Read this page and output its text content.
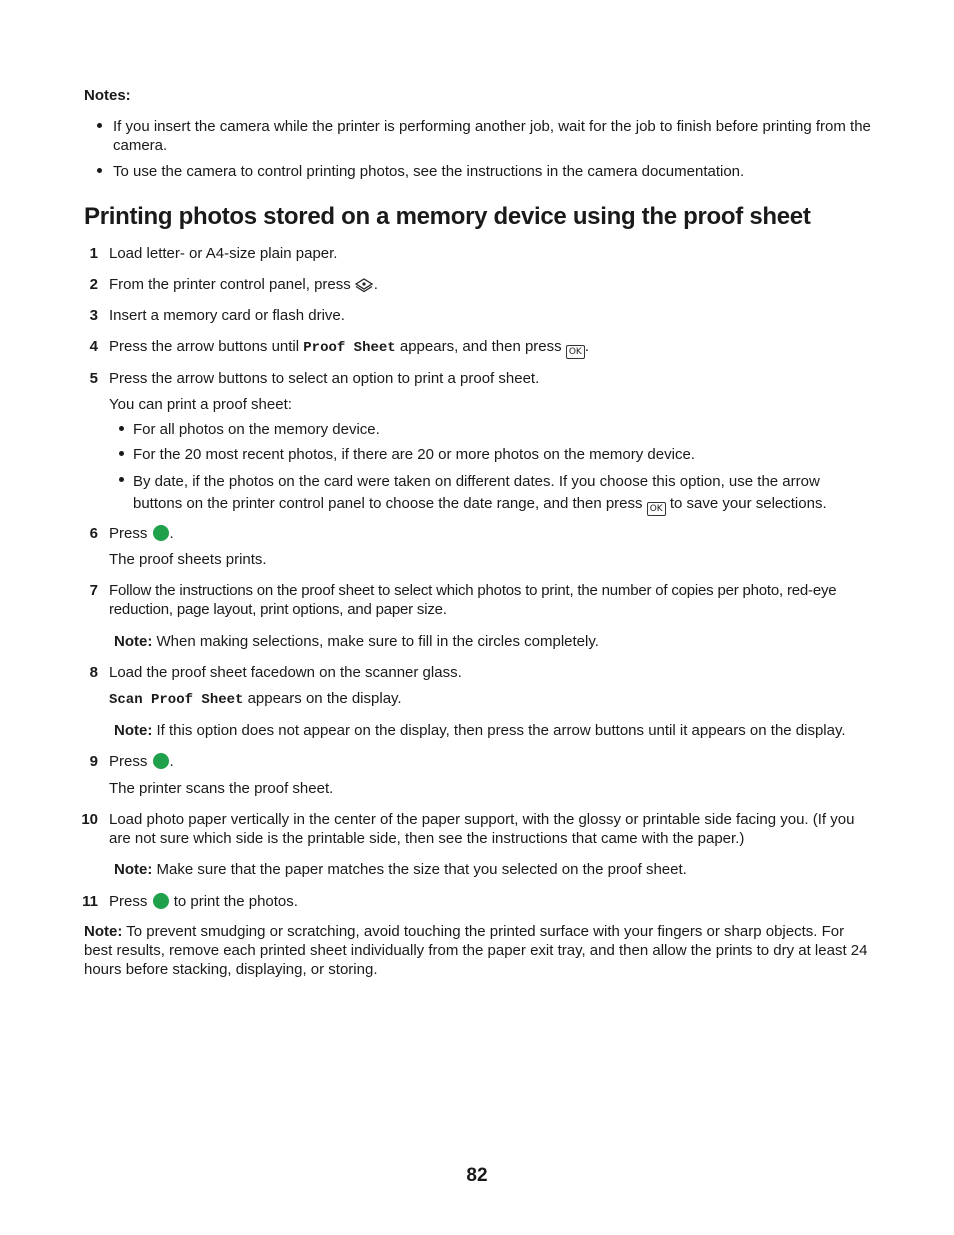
Notes:
If you insert the camera while the printer is performing another job, wait for the job to finish before printing from the camera.
To use the camera to control printing photos, see the instructions in the camera documentation.
Printing photos stored on a memory device using the proof sheet
1 Load letter- or A4-size plain paper.
2 From the printer control panel, press .
3 Insert a memory card or flash drive.
4 Press the arrow buttons until Proof Sheet appears, and then press OK .
5 Press the arrow buttons to select an option to print a proof sheet.
You can print a proof sheet:
For all photos on the memory device.
For the 20 most recent photos, if there are 20 or more photos on the memory device.
By date, if the photos on the card were taken on different dates. If you choose this option, use the arrow buttons on the printer control panel to choose the date range, and then press OK to save your selections.
6 Press .
The proof sheets prints.
7 Follow the instructions on the proof sheet to select which photos to print, the number of copies per photo, red-eye reduction, page layout, print options, and paper size.
Note: When making selections, make sure to fill in the circles completely.
8 Load the proof sheet facedown on the scanner glass.
Scan Proof Sheet appears on the display.
Note: If this option does not appear on the display, then press the arrow buttons until it appears on the display.
9 Press .
The printer scans the proof sheet.
10 Load photo paper vertically in the center of the paper support, with the glossy or printable side facing you. (If you are not sure which side is the printable side, then see the instructions that came with the paper.)
Note: Make sure that the paper matches the size that you selected on the proof sheet.
11 Press to print the photos.
Note: To prevent smudging or scratching, avoid touching the printed surface with your fingers or sharp objects. For best results, remove each printed sheet individually from the paper exit tray, and then allow the prints to dry at least 24 hours before stacking, displaying, or storing.
82
